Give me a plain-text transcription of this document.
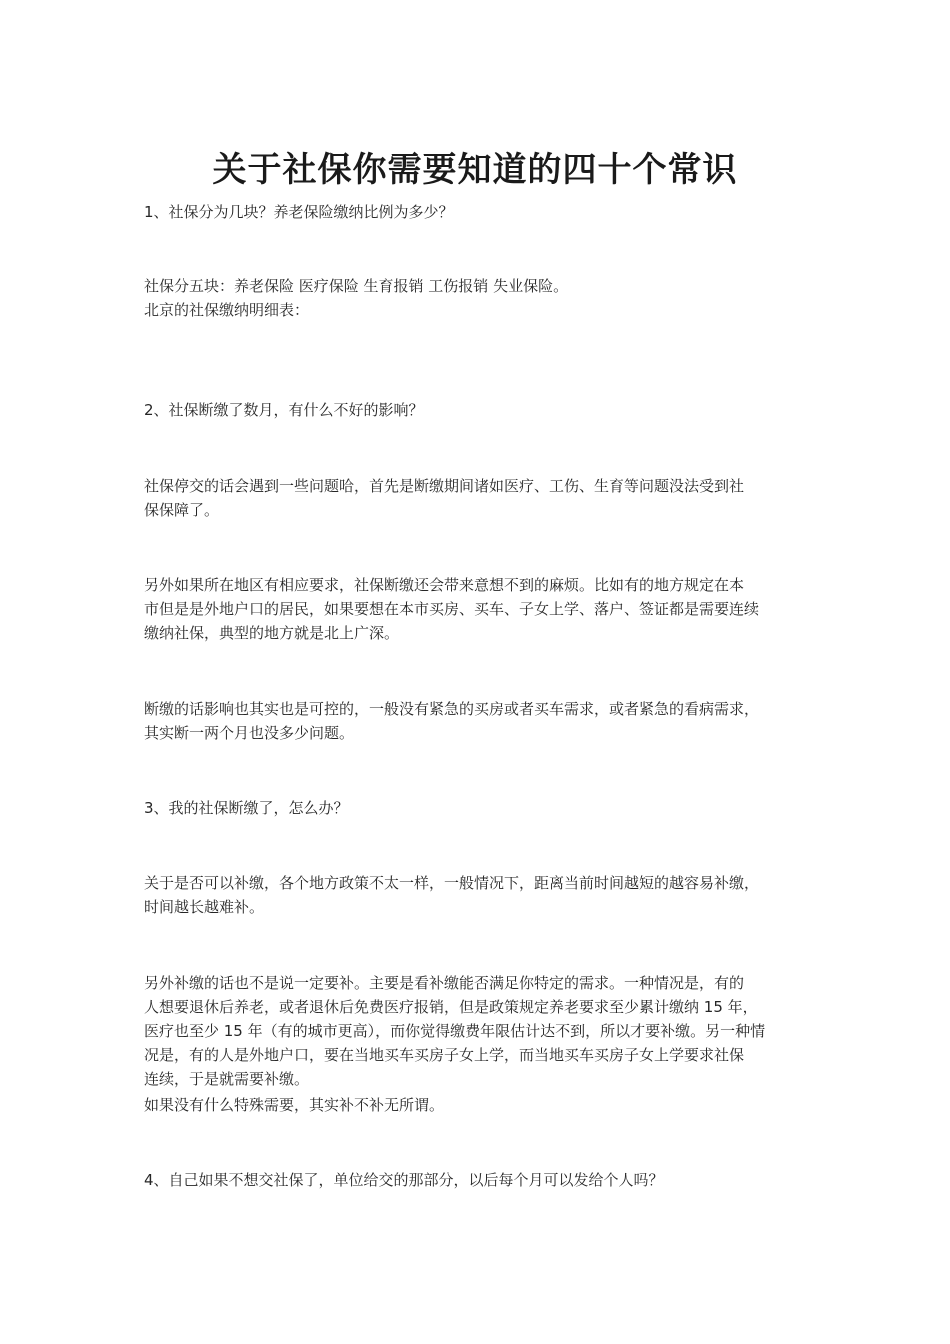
关于社保你需要知道的四十个常识
1、社保分为几块？养老保险缴纳比例为多少？
社保分五块：养老保险 医疗保险 生育报销 工伤报销 失业保险。
北京的社保缴纳明细表：
2、社保断缴了数月，有什么不好的影响？
社保停交的话会遇到一些问题哈，首先是断缴期间诸如医疗、工伤、生育等问题没法受到社
保保障了。
另外如果所在地区有相应要求，社保断缴还会带来意想不到的麻烦。比如有的地方规定在本
市但是是外地户口的居民，如果要想在本市买房、买车、子女上学、落户、签证都是需要连续
缴纳社保，典型的地方就是北上广深。
断缴的话影响也其实也是可控的，一般没有紧急的买房或者买车需求，或者紧急的看病需求，
其实断一两个月也没多少问题。
3、我的社保断缴了，怎么办？
关于是否可以补缴，各个地方政策不太一样，一般情况下，距离当前时间越短的越容易补缴，
时间越长越难补。
另外补缴的话也不是说一定要补。主要是看补缴能否满足你特定的需求。一种情况是，有的
人想要退休后养老，或者退休后免费医疗报销，但是政策规定养老要求至少累计缴纳 15 年，
医疗也至少 15 年（有的城市更高），而你觉得缴费年限估计达不到，所以才要补缴。另一种情
况是，有的人是外地户口，要在当地买车买房子女上学，而当地买车买房子女上学要求社保
连续，于是就需要补缴。
如果没有什么特殊需要，其实补不补无所谓。
4、自己如果不想交社保了，单位给交的那部分，以后每个月可以发给个人吗？
